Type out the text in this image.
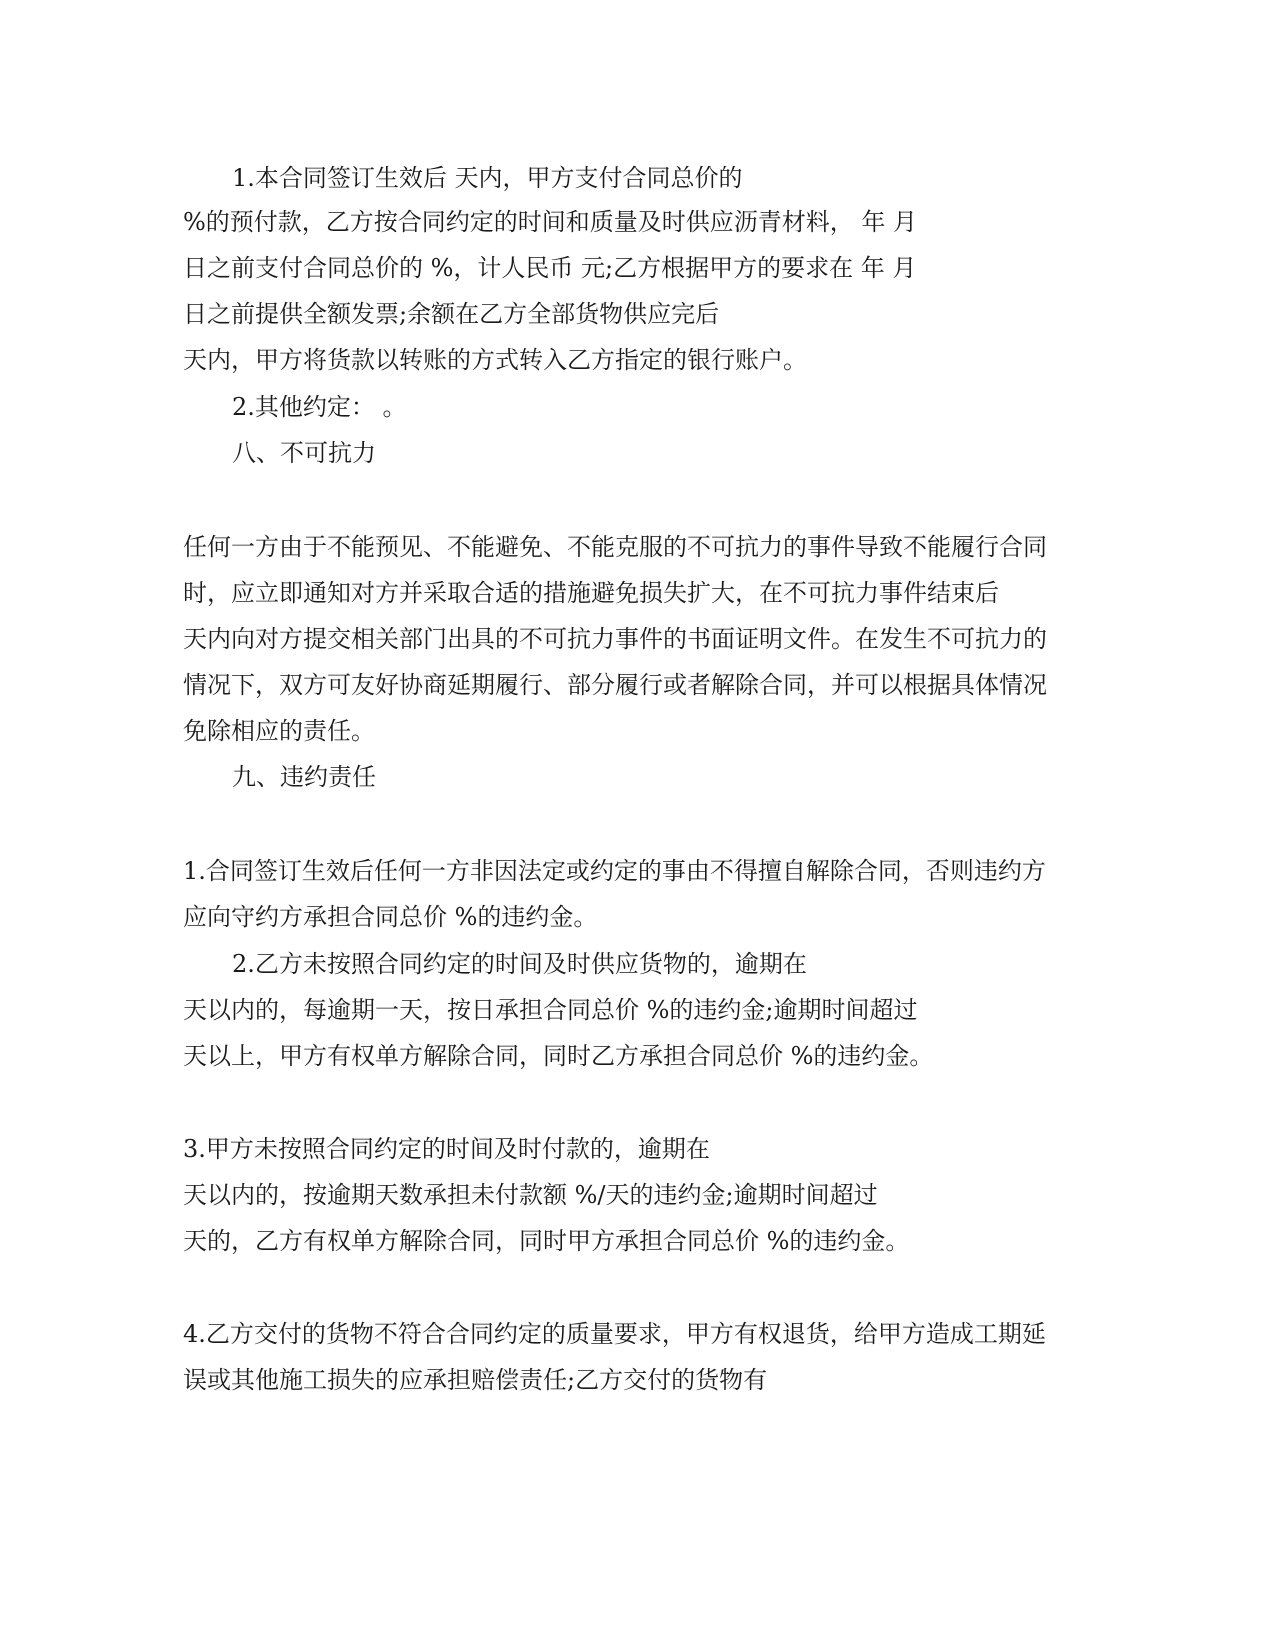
1.本合同签订生效后 天内，甲方支付合同总价的
%的预付款，乙方按合同约定的时间和质量及时供应沥青材料， 年 月
日之前支付合同总价的 %，计人民币 元;乙方根据甲方的要求在 年 月
日之前提供全额发票;余额在乙方全部货物供应完后
天内，甲方将货款以转账的方式转入乙方指定的银行账户。
2.其他约定： 。
八、不可抗力
任何一方由于不能预见、不能避免、不能克服的不可抗力的事件导致不能履行合同
时，应立即通知对方并采取合适的措施避免损失扩大，在不可抗力事件结束后
天内向对方提交相关部门出具的不可抗力事件的书面证明文件。在发生不可抗力的
情况下，双方可友好协商延期履行、部分履行或者解除合同，并可以根据具体情况
免除相应的责任。
九、违约责任
1.合同签订生效后任何一方非因法定或约定的事由不得擅自解除合同，否则违约方
应向守约方承担合同总价 %的违约金。
2.乙方未按照合同约定的时间及时供应货物的，逾期在
天以内的，每逾期一天，按日承担合同总价 %的违约金;逾期时间超过
天以上，甲方有权单方解除合同，同时乙方承担合同总价 %的违约金。
3.甲方未按照合同约定的时间及时付款的，逾期在
天以内的，按逾期天数承担未付款额 %/天的违约金;逾期时间超过
天的，乙方有权单方解除合同，同时甲方承担合同总价 %的违约金。
4.乙方交付的货物不符合合同约定的质量要求，甲方有权退货，给甲方造成工期延
误或其他施工损失的应承担赔偿责任;乙方交付的货物有
